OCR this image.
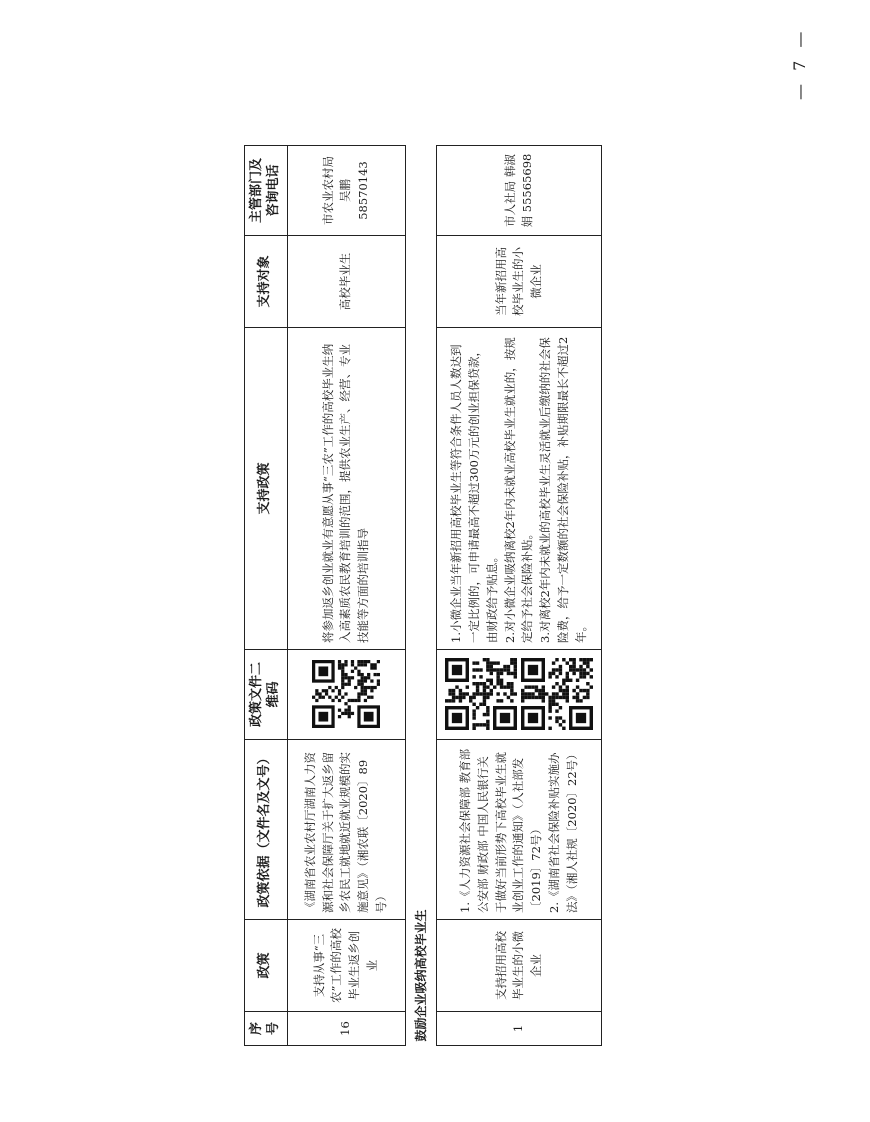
序号	政策	政策依据（文件名及文号）	政策文件二维码	支持政策	支持对象	主管部门及咨询电话
16	支持从事“三农”工作的高校毕业生返乡创业	《湖南省农业农村厅湖南人力资源和社会保障厅关于扩大返乡留乡农民工就地就近就业规模的实施意见》（湘农联〔2020〕89号）		将参加返乡创业就业有意愿从事“三农”工作的高校毕业生纳入高素质农民教育培训的范围，提供农业生产、经营、专业技能等方面的培训指导	高校毕业生	市农业农村局 吴鹏 58570143
鼓励企业吸纳高校毕业生						
1	支持招用高校毕业生的小微企业	1.《人力资源社会保障部 教育部 公安部 财政部 中国人民银行关于做好当前形势下高校毕业生就业创业工作的通知》（人社部发〔2019〕72号） 2.《湖南省社会保险补贴实施办法》（湘人社规〔2020〕22号）		1.小微企业当年新招用高校毕业生等符合条件人员人数达到一定比例的，可申请最高不超过300万元的创业担保贷款，由财政给予贴息。 2.对小微企业吸纳离校2年内未就业高校毕业生就业的，按规定给予社会保险补贴。 3.对离校2年内未就业的高校毕业生灵活就业后缴纳的社会保险费，给予一定数额的社会保险补贴，补贴期限最长不超过2年。	当年新招用高校毕业生的小微企业	市人社局 韩淑娟 55565698
— 7 —
